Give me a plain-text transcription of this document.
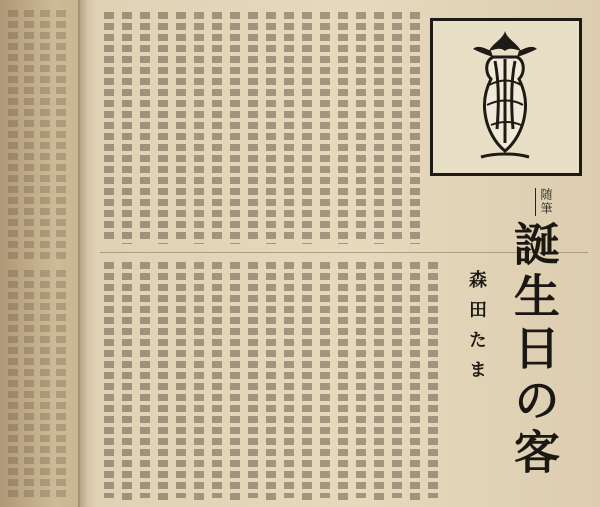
随筆
誕生日の客
森田たま
